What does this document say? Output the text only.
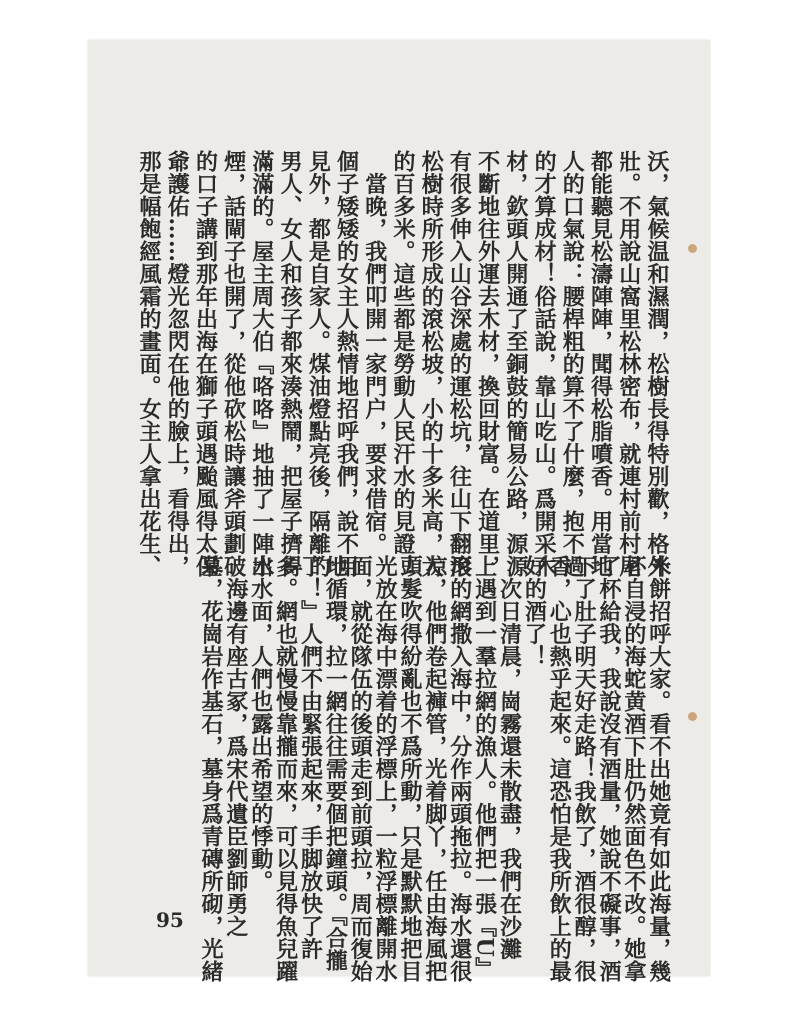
沃，氣候温和濕潤，松樹長得特別歡，格外
壯。不用說山窩里松林密布，就連村前村尾
都能聽見松濤陣陣，聞得松脂噴香。用當地
人的口氣說：腰桿粗的算不了什麼，抱不過
的才算成材！俗話說，靠山吃山。爲開采木
材，欽頭人開通了至銅鼓的簡易公路，源源
不斷地往外運去木材，換回財富。在道里，
有很多伸入山谷深處的運松坑，往山下翻滾
松樹時所形成的滾松坡，小的十多米高，大
的百多米。這些都是勞動人民汗水的見證！
　當晚，我們叩開一家門户，要求借宿。
個子矮矮的女主人熱情地招呼我們，說不用
見外，都是自家人。煤油燈點亮後，隔離的
男人、女人和孩子都來湊熱鬧，把屋子擠得
滿滿的。屋主周大伯『咯咯』地抽了一陣水
煙，話閘子也開了，從他砍松時讓斧頭劃破
的口子講到那年出海在獅子頭遇颱風得太保
爺護佑……燈光忽閃在他的臉上，看得出，
那是幅飽經風霜的畫面。女主人拿出花生、
米餅招呼大家。看不出她竟有如此海量，幾
杯自浸的海蛇黄酒下肚仍然面色不改。她拿
了杯給我，我說沒有酒量，她說不礙事，酒
下了肚子明天好走路！我飲了，酒很醇，很
香，心也熱乎起來。這恐怕是我所飲上的最
好的酒了！
　次日清晨，崗霧還未散盡，我們在沙灘
上遇到一羣拉網的漁人。他們把一張『U』
形的網撒入海中，分作兩頭拖拉。海水還很
凉，他們卷起褲管，光着脚丫，任由海風把
頭髮吹得紛亂也不爲所動，只是默默地把目
光放在海中漂着的浮標上，一粒浮標離開水
面，就從隊伍的後頭走到前頭拉，周而復始
地循環，拉一網往往需要個把鐘頭。『合攏
了！』人們不由緊張起來，手脚放快了許
多。網也就慢慢靠攏而來，可以見得魚兒躍
出水面，人們也露出希望的悸動。
　海邊有座古冢，爲宋代遺臣劉師勇之
墓，花崗岩作基石，墓身爲青磚所砌，光緒
95
